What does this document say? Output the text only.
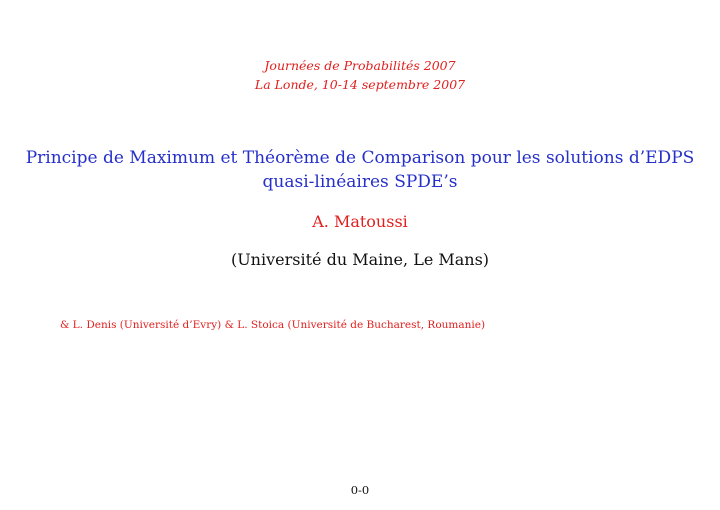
Journées de Probabilités 2007
La Londe, 10-14 septembre 2007
Principe de Maximum et Théorème de Comparison pour les solutions d’EDPS
quasi-linéaires SPDE’s
A. Matoussi
(Université du Maine, Le Mans)
& L. Denis (Université d’Evry) & L. Stoica (Université de Bucharest, Roumanie)
0-0
